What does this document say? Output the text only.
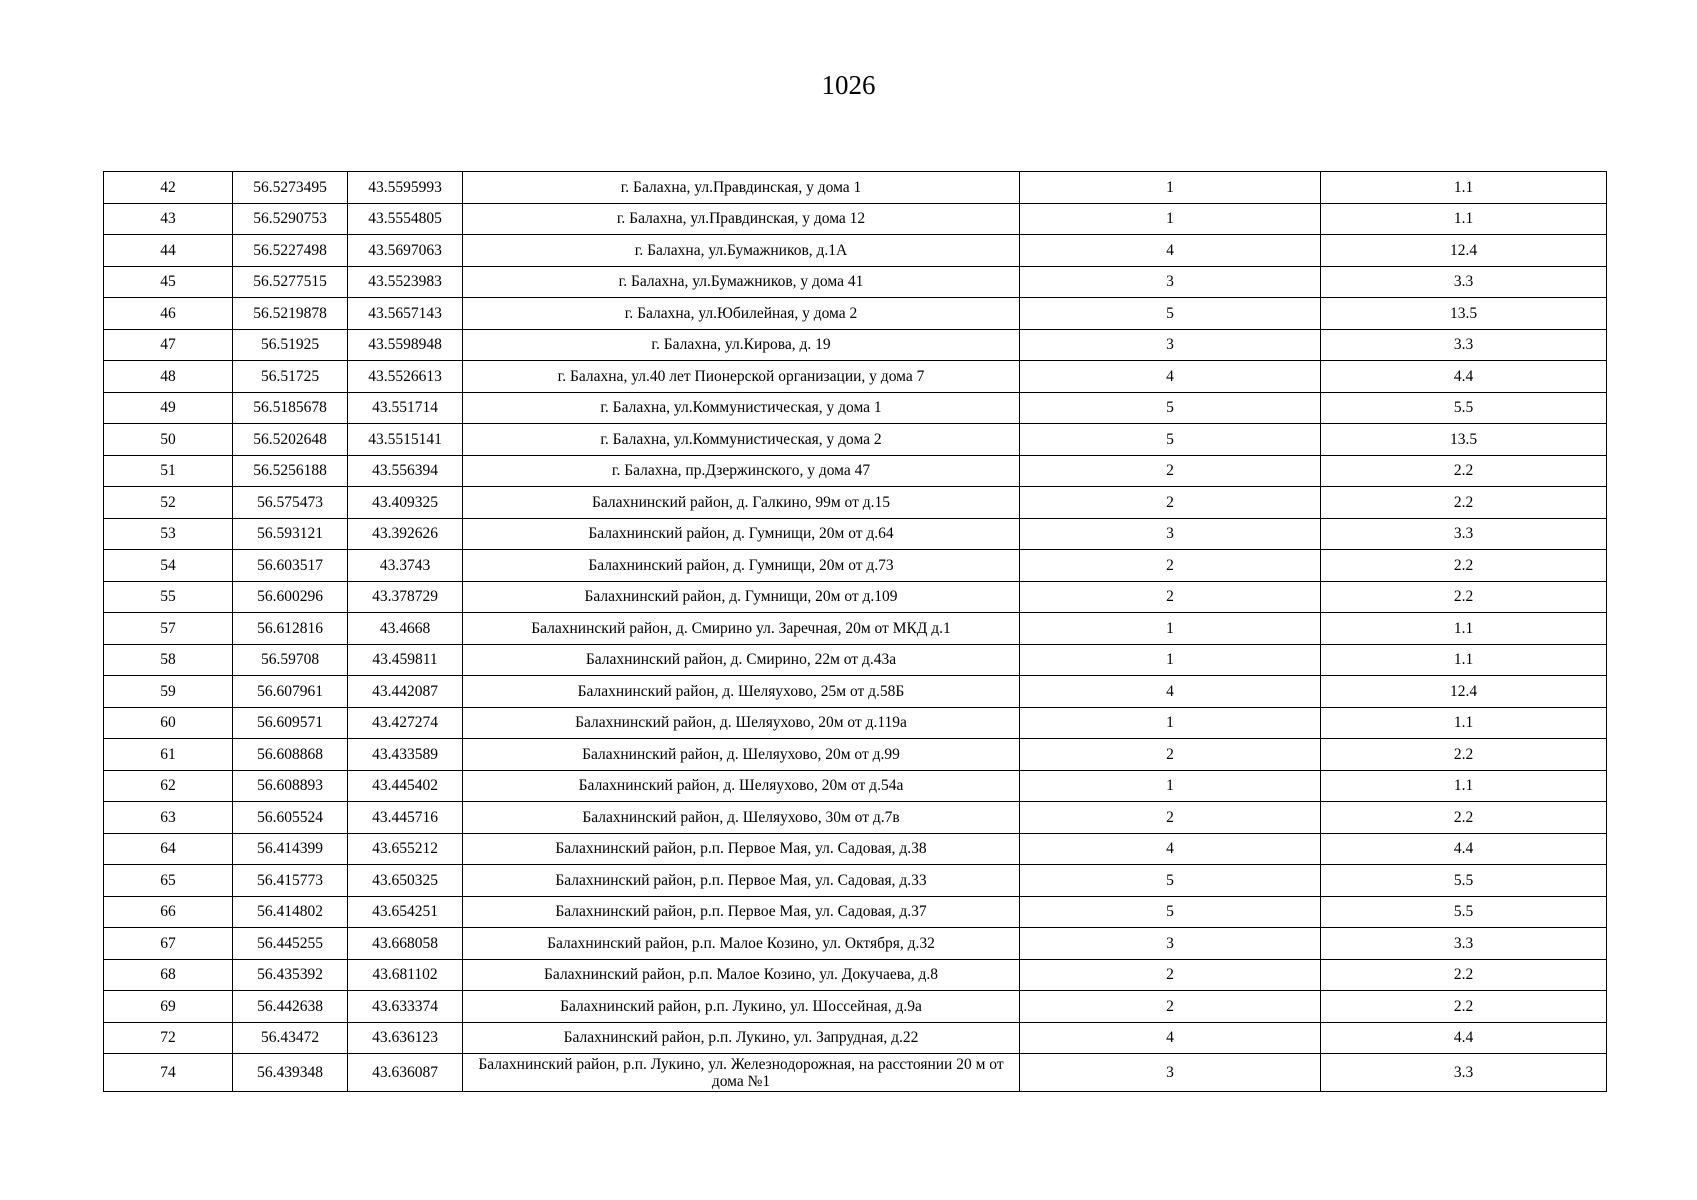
1026
42	56.5273495	43.5595993	г. Балахна, ул.Правдинская, у дома 1	1	1.1
43	56.5290753	43.5554805	г. Балахна, ул.Правдинская, у дома 12	1	1.1
44	56.5227498	43.5697063	г. Балахна, ул.Бумажников, д.1А	4	12.4
45	56.5277515	43.5523983	г. Балахна, ул.Бумажников, у дома 41	3	3.3
46	56.5219878	43.5657143	г. Балахна, ул.Юбилейная, у дома 2	5	13.5
47	56.51925	43.5598948	г. Балахна, ул.Кирова, д. 19	3	3.3
48	56.51725	43.5526613	г. Балахна, ул.40 лет Пионерской организации, у дома 7	4	4.4
49	56.5185678	43.551714	г. Балахна, ул.Коммунистическая, у дома 1	5	5.5
50	56.5202648	43.5515141	г. Балахна, ул.Коммунистическая, у дома 2	5	13.5
51	56.5256188	43.556394	г. Балахна, пр.Дзержинского, у дома 47	2	2.2
52	56.575473	43.409325	Балахнинский район, д. Галкино, 99м от д.15	2	2.2
53	56.593121	43.392626	Балахнинский район, д. Гумнищи, 20м от д.64	3	3.3
54	56.603517	43.3743	Балахнинский район, д. Гумнищи, 20м от д.73	2	2.2
55	56.600296	43.378729	Балахнинский район, д. Гумнищи, 20м от д.109	2	2.2
57	56.612816	43.4668	Балахнинский район, д. Смирино ул. Заречная, 20м от МКД д.1	1	1.1
58	56.59708	43.459811	Балахнинский район, д. Смирино, 22м от д.43а	1	1.1
59	56.607961	43.442087	Балахнинский район, д. Шеляухово, 25м от д.58Б	4	12.4
60	56.609571	43.427274	Балахнинский район, д. Шеляухово, 20м от д.119а	1	1.1
61	56.608868	43.433589	Балахнинский район, д. Шеляухово, 20м от д.99	2	2.2
62	56.608893	43.445402	Балахнинский район, д. Шеляухово, 20м от д.54а	1	1.1
63	56.605524	43.445716	Балахнинский район, д. Шеляухово, 30м от д.7в	2	2.2
64	56.414399	43.655212	Балахнинский район, р.п. Первое Мая, ул. Садовая, д.38	4	4.4
65	56.415773	43.650325	Балахнинский район, р.п. Первое Мая, ул. Садовая, д.33	5	5.5
66	56.414802	43.654251	Балахнинский район, р.п. Первое Мая, ул. Садовая, д.37	5	5.5
67	56.445255	43.668058	Балахнинский район, р.п. Малое Козино, ул. Октября, д.32	3	3.3
68	56.435392	43.681102	Балахнинский район, р.п. Малое Козино, ул. Докучаева, д.8	2	2.2
69	56.442638	43.633374	Балахнинский район, р.п. Лукино, ул. Шоссейная, д.9а	2	2.2
72	56.43472	43.636123	Балахнинский район, р.п. Лукино, ул. Запрудная, д.22	4	4.4
74	56.439348	43.636087	Балахнинский район, р.п. Лукино, ул. Железнодорожная, на расстоянии 20 м от дома №1	3	3.3
